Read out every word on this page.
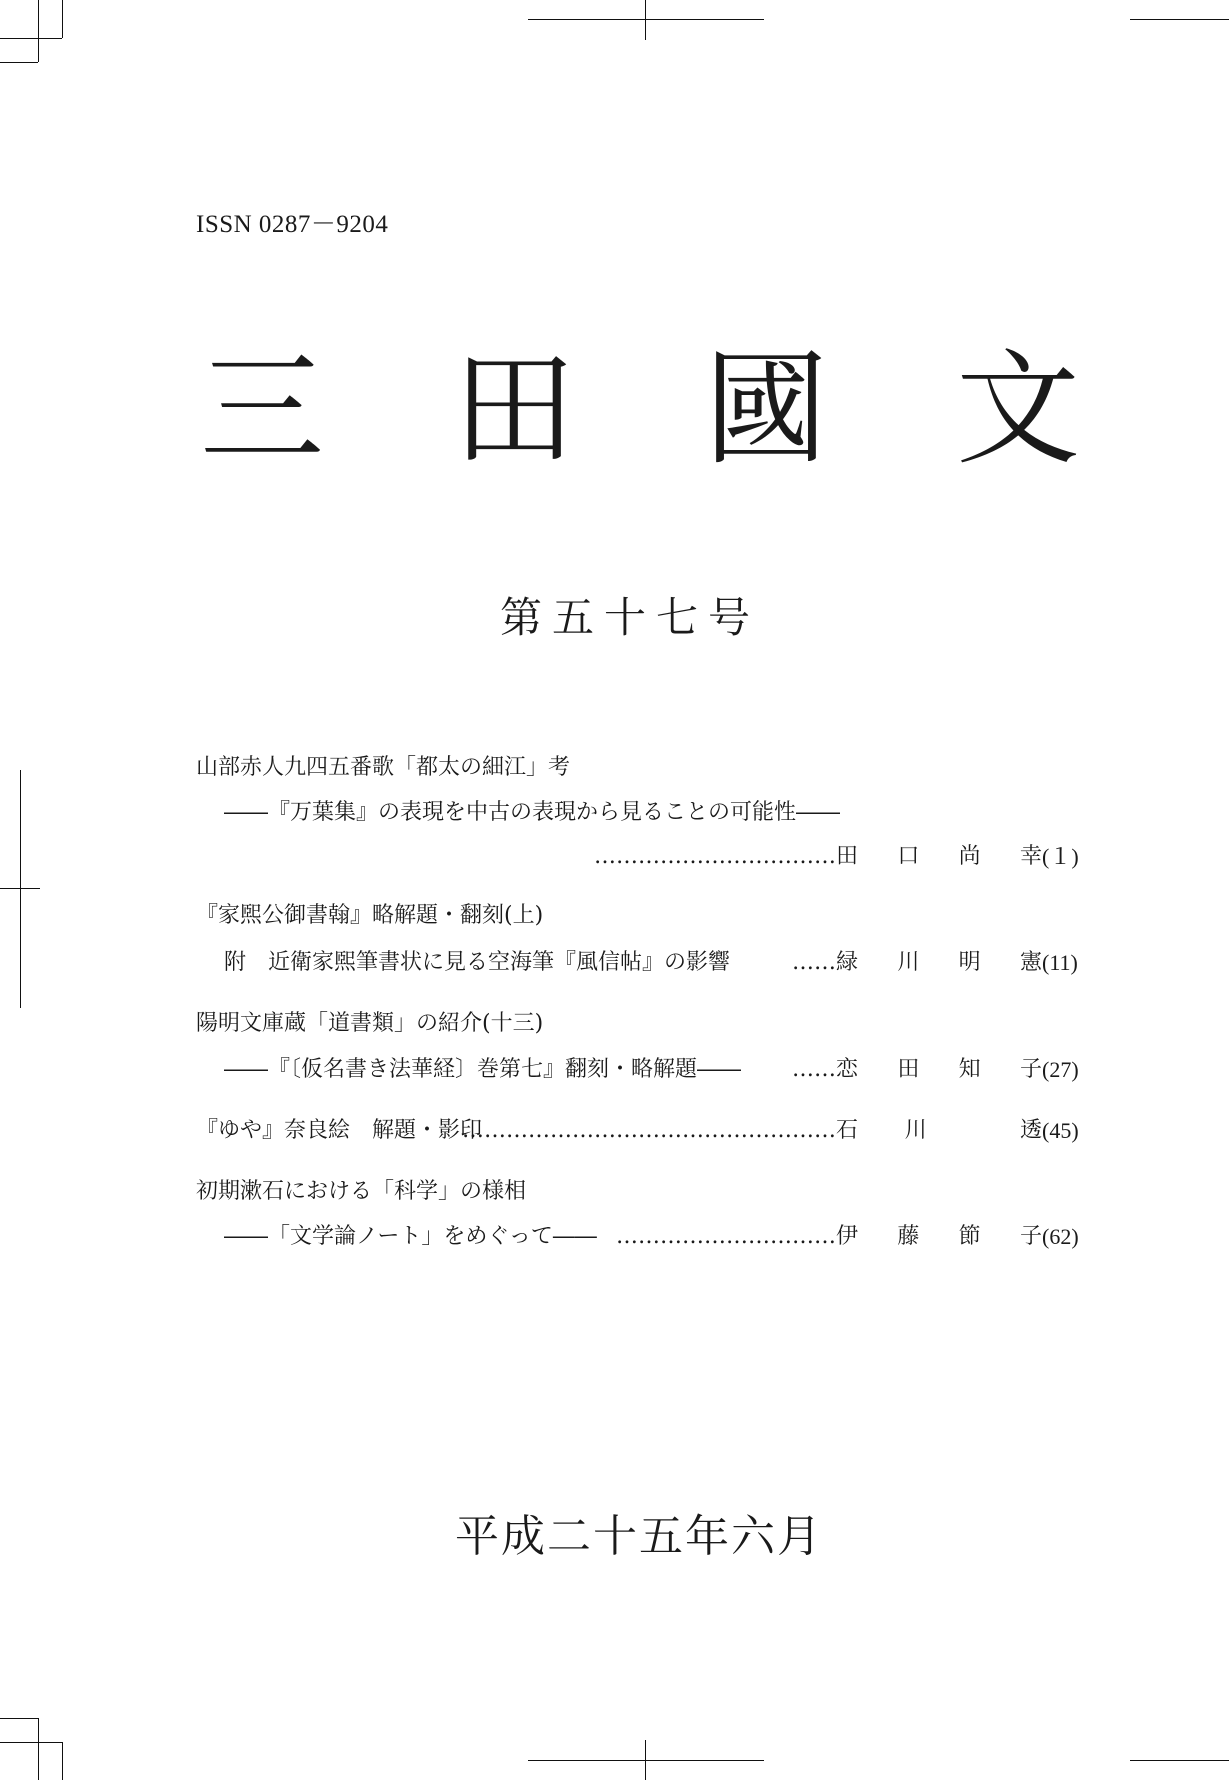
ISSN 0287－9204
三 田 國 文
第五十七号
山部赤人九四五番歌「都太の細江」考
――『万葉集』の表現を中古の表現から見ることの可能性――
…………………………… 田 口 尚 幸 (１)
『家煕公御書翰』略解題・翻刻(上)
附　近衛家煕筆書状に見る空海筆『風信帖』の影響	…… 緑 川 明 憲 (11)
陽明文庫蔵「道書類」の紹介(十三)
――『〔仮名書き法華経〕巻第七』翻刻・略解題―― …… 恋 田 知 子 (27)
『ゆや』奈良絵　解題・影印
…………………………………………… 石 川	透 (45)
初期漱石における「科学」の様相
――「文学論ノート」をめぐって―― ………………………… 伊 藤 節 子 (62)
平成二十五年六月
